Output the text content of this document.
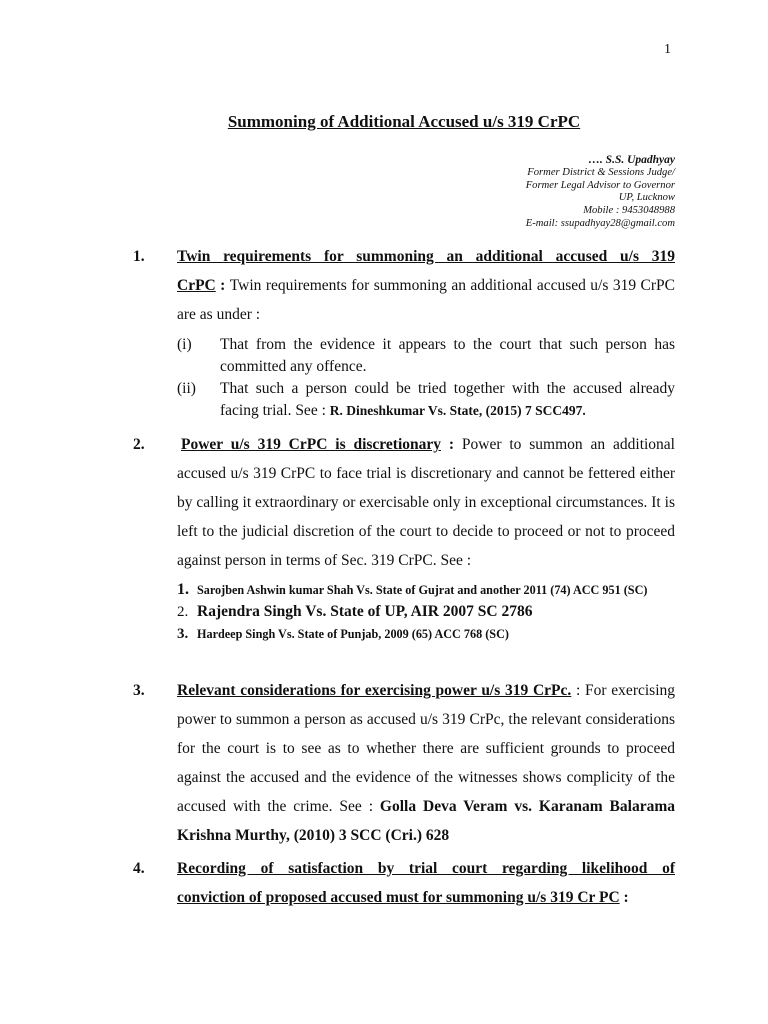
1
Summoning of Additional Accused u/s 319 CrPC
…. S.S. Upadhyay
Former District & Sessions Judge/
Former Legal Advisor to Governor
UP, Lucknow
Mobile : 9453048988
E-mail: ssupadhyay28@gmail.com
1. Twin requirements for summoning an additional accused u/s 319
CrPC : Twin requirements for summoning an additional accused u/s 319 CrPC are as under :
(i)	That from the evidence it appears to the court that such person has committed any offence.
(ii)	That such a person could be tried together with the accused already facing trial. See : R. Dineshkumar Vs. State, (2015) 7 SCC497.
2. Power u/s 319 CrPC is discretionary : Power to summon an additional accused u/s 319 CrPC to face trial is discretionary and cannot be fettered either by calling it extraordinary or exercisable only in exceptional circumstances. It is left to the judicial discretion of the court to decide to proceed or not to proceed against person in terms of Sec. 319 CrPC. See :
1. Sarojben Ashwin kumar Shah Vs. State of Gujrat and another 2011 (74) ACC 951 (SC)
2. Rajendra Singh Vs. State of UP, AIR 2007 SC 2786
3. Hardeep Singh Vs. State of Punjab, 2009 (65) ACC 768 (SC)
3. Relevant considerations for exercising power u/s 319 CrPc. : For exercising power to summon a person as accused u/s 319 CrPc, the relevant considerations for the court is to see as to whether there are sufficient grounds to proceed against the accused and the evidence of the witnesses shows complicity of the accused with the crime. See : Golla Deva Veram vs. Karanam Balarama Krishna Murthy, (2010) 3 SCC (Cri.) 628
4. Recording of satisfaction by trial court regarding likelihood of
conviction of proposed accused must for summoning u/s 319 Cr PC :
